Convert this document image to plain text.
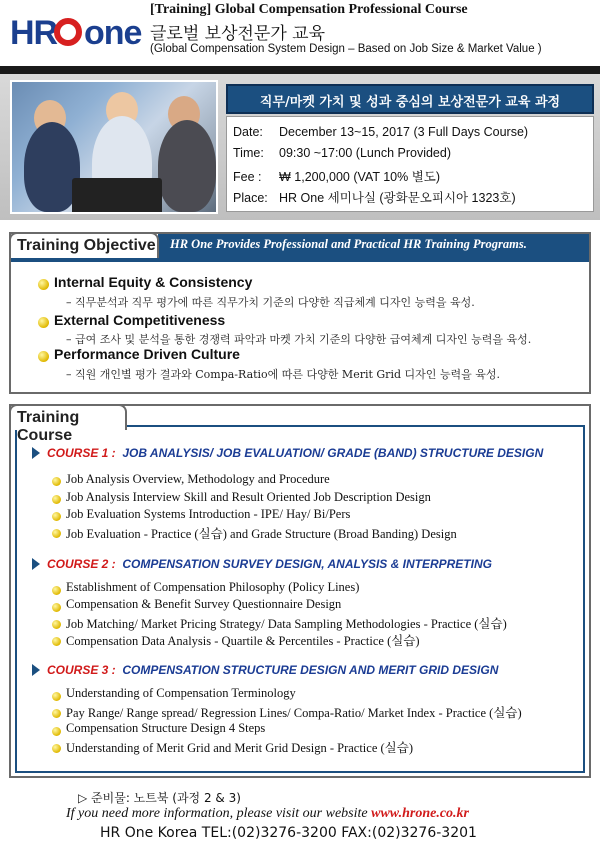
HR one
[Training] Global Compensation Professional Course
글로벌 보상전문가 교육
(Global Compensation System Design – Based on Job Size & Market Value )
직무/마켓 가치 및 성과 중심의 보상전문가 교육 과정
Date: December 13~15, 2017 (3 Full Days Course)
Time: 09:30 ~17:00 (Lunch Provided)
Fee : ₩ 1,200,000 (VAT 10% 별도)
Place: HR One 세미나실 (광화문오피시아 1323호)
HR One Provides Professional and Practical HR Training Programs.
Training Objective
Internal Equity & Consistency
– 직무분석과 직무 평가에 따른 직무가치 기준의 다양한 직급체계 디자인 능력을 육성.
External Competitiveness
– 급여 조사 및 분석을 통한 경쟁력 파악과 마켓 가치 기준의 다양한 급여체계 디자인 능력을 육성.
Performance Driven Culture
– 직원 개인별 평가 결과와 Compa-Ratio에 따른 다양한 Merit Grid 디자인 능력을 육성.
Training Course
COURSE 1 : JOB ANALYSIS/ JOB EVALUATION/ GRADE (BAND) STRUCTURE DESIGN
Job Analysis Overview, Methodology and Procedure
Job Analysis Interview Skill and Result Oriented Job Description Design
Job Evaluation Systems Introduction - IPE/ Hay/ Bi/Pers
Job Evaluation - Practice (실습) and Grade Structure (Broad Banding) Design
COURSE 2 : COMPENSATION SURVEY DESIGN, ANALYSIS & INTERPRETING
Establishment of Compensation Philosophy (Policy Lines)
Compensation & Benefit Survey Questionnaire Design
Job Matching/ Market Pricing Strategy/ Data Sampling Methodologies - Practice (실습)
Compensation Data Analysis - Quartile & Percentiles - Practice (실습)
COURSE 3 : COMPENSATION STRUCTURE DESIGN AND MERIT GRID DESIGN
Understanding of Compensation Terminology
Pay Range/ Range spread/ Regression Lines/ Compa-Ratio/ Market Index - Practice (실습)
Compensation Structure Design 4 Steps
Understanding of Merit Grid and Merit Grid Design - Practice (실습)
▷ 준비물: 노트북 (과정 2 & 3)
If you need more information, please visit our website www.hrone.co.kr
HR One Korea TEL:(02)3276-3200 FAX:(02)3276-3201
